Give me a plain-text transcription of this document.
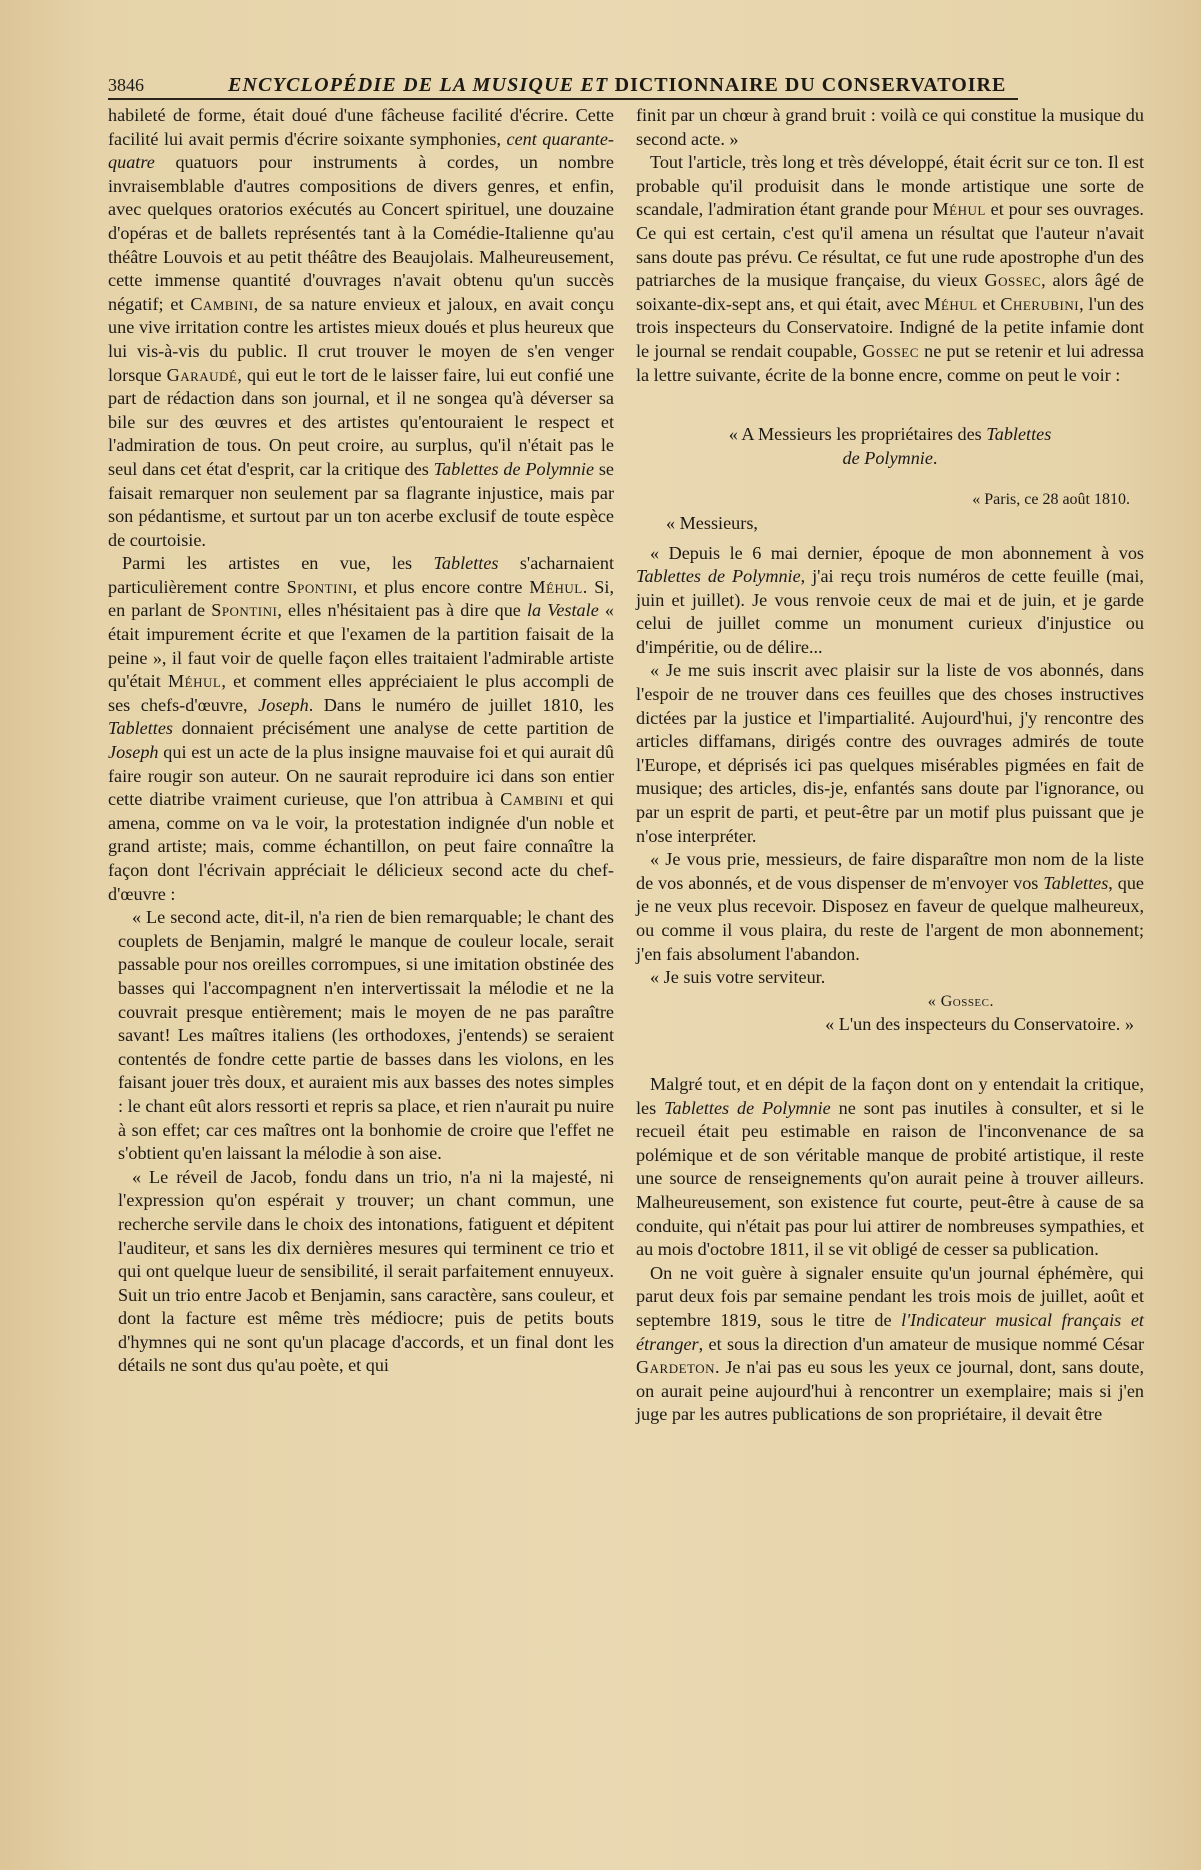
3846	ENCYCLOPÉDIE DE LA MUSIQUE ET DICTIONNAIRE DU CONSERVATOIRE

habileté de forme, était doué d'une fâcheuse facilité d'écrire. Cette facilité lui avait permis d'écrire soixante symphonies, cent quarante-quatre quatuors pour instruments à cordes, un nombre invraisemblable d'autres compositions de divers genres, et enfin, avec quelques oratorios exécutés au Concert spirituel, une douzaine d'opéras et de ballets représentés tant à la Comédie-Italienne qu'au théâtre Louvois et au petit théâtre des Beaujolais. Malheureusement, cette immense quantité d'ouvrages n'avait obtenu qu'un succès négatif; et Cambini, de sa nature envieux et jaloux, en avait conçu une vive irritation contre les artistes mieux doués et plus heureux que lui vis-à-vis du public. Il crut trouver le moyen de s'en venger lorsque Garaudé, qui eut le tort de le laisser faire, lui eut confié une part de rédaction dans son journal, et il ne songea qu'à déverser sa bile sur des œuvres et des artistes qu'entouraient le respect et l'admiration de tous. On peut croire, au surplus, qu'il n'était pas le seul dans cet état d'esprit, car la critique des Tablettes de Polymnie se faisait remarquer non seulement par sa flagrante injustice, mais par son pédantisme, et surtout par un ton acerbe exclusif de toute espèce de courtoisie.

Parmi les artistes en vue, les Tablettes s'acharnaient particulièrement contre Spontini, et plus encore contre Méhul. Si, en parlant de Spontini, elles n'hésitaient pas à dire que la Vestale « était impurement écrite et que l'examen de la partition faisait de la peine », il faut voir de quelle façon elles traitaient l'admirable artiste qu'était Méhul, et comment elles appréciaient le plus accompli de ses chefs-d'œuvre, Joseph. Dans le numéro de juillet 1810, les Tablettes donnaient précisément une analyse de cette partition de Joseph qui est un acte de la plus insigne mauvaise foi et qui aurait dû faire rougir son auteur. On ne saurait reproduire ici dans son entier cette diatribe vraiment curieuse, que l'on attribua à Cambini et qui amena, comme on va le voir, la protestation indignée d'un noble et grand artiste; mais, comme échantillon, on peut faire connaître la façon dont l'écrivain appréciait le délicieux second acte du chef-d'œuvre :

« Le second acte, dit-il, n'a rien de bien remarquable; le chant des couplets de Benjamin, malgré le manque de couleur locale, serait passable pour nos oreilles corrompues, si une imitation obstinée des basses qui l'accompagnent n'en intervertissait la mélodie et ne la couvrait presque entièrement; mais le moyen de ne pas paraître savant! Les maîtres italiens (les orthodoxes, j'entends) se seraient contentés de fondre cette partie de basses dans les violons, en les faisant jouer très doux, et auraient mis aux basses des notes simples : le chant eût alors ressorti et repris sa place, et rien n'aurait pu nuire à son effet; car ces maîtres ont la bonhomie de croire que l'effet ne s'obtient qu'en laissant la mélodie à son aise.

« Le réveil de Jacob, fondu dans un trio, n'a ni la majesté, ni l'expression qu'on espérait y trouver; un chant commun, une recherche servile dans le choix des intonations, fatiguent et dépitent l'auditeur, et sans les dix dernières mesures qui terminent ce trio et qui ont quelque lueur de sensibilité, il serait parfaitement ennuyeux. Suit un trio entre Jacob et Benjamin, sans caractère, sans couleur, et dont la facture est même très médiocre; puis de petits bouts d'hymnes qui ne sont qu'un placage d'accords, et un final dont les détails ne sont dus qu'au poète, et qui

finit par un chœur à grand bruit : voilà ce qui constitue la musique du second acte. »

Tout l'article, très long et très développé, était écrit sur ce ton. Il est probable qu'il produisit dans le monde artistique une sorte de scandale, l'admiration étant grande pour Méhul et pour ses ouvrages. Ce qui est certain, c'est qu'il amena un résultat que l'auteur n'avait sans doute pas prévu. Ce résultat, ce fut une rude apostrophe d'un des patriarches de la musique française, du vieux Gossec, alors âgé de soixante-dix-sept ans, et qui était, avec Méhul et Cherubini, l'un des trois inspecteurs du Conservatoire. Indigné de la petite infamie dont le journal se rendait coupable, Gossec ne put se retenir et lui adressa la lettre suivante, écrite de la bonne encre, comme on peut le voir :

« A Messieurs les propriétaires des Tablettes
de Polymnie.

« Paris, ce 28 août 1810.

« Messieurs,

« Depuis le 6 mai dernier, époque de mon abonnement à vos Tablettes de Polymnie, j'ai reçu trois numéros de cette feuille (mai, juin et juillet). Je vous renvoie ceux de mai et de juin, et je garde celui de juillet comme un monument curieux d'injustice ou d'impéritie, ou de délire...

« Je me suis inscrit avec plaisir sur la liste de vos abonnés, dans l'espoir de ne trouver dans ces feuilles que des choses instructives dictées par la justice et l'impartialité. Aujourd'hui, j'y rencontre des articles diffamans, dirigés contre des ouvrages admirés de toute l'Europe, et déprisés ici pas quelques misérables pigmées en fait de musique; des articles, dis-je, enfantés sans doute par l'ignorance, ou par un esprit de parti, et peut-être par un motif plus puissant que je n'ose interpréter.

« Je vous prie, messieurs, de faire disparaître mon nom de la liste de vos abonnés, et de vous dispenser de m'envoyer vos Tablettes, que je ne veux plus recevoir. Disposez en faveur de quelque malheureux, ou comme il vous plaira, du reste de l'argent de mon abonnement; j'en fais absolument l'abandon.

« Je suis votre serviteur.

« Gossec.

« L'un des inspecteurs du Conservatoire. »

Malgré tout, et en dépit de la façon dont on y entendait la critique, les Tablettes de Polymnie ne sont pas inutiles à consulter, et si le recueil était peu estimable en raison de l'inconvenance de sa polémique et de son véritable manque de probité artistique, il reste une source de renseignements qu'on aurait peine à trouver ailleurs. Malheureusement, son existence fut courte, peut-être à cause de sa conduite, qui n'était pas pour lui attirer de nombreuses sympathies, et au mois d'octobre 1811, il se vit obligé de cesser sa publication.

On ne voit guère à signaler ensuite qu'un journal éphémère, qui parut deux fois par semaine pendant les trois mois de juillet, août et septembre 1819, sous le titre de l'Indicateur musical français et étranger, et sous la direction d'un amateur de musique nommé César Gardeton. Je n'ai pas eu sous les yeux ce journal, dont, sans doute, on aurait peine aujourd'hui à rencontrer un exemplaire; mais si j'en juge par les autres publications de son propriétaire, il devait être
